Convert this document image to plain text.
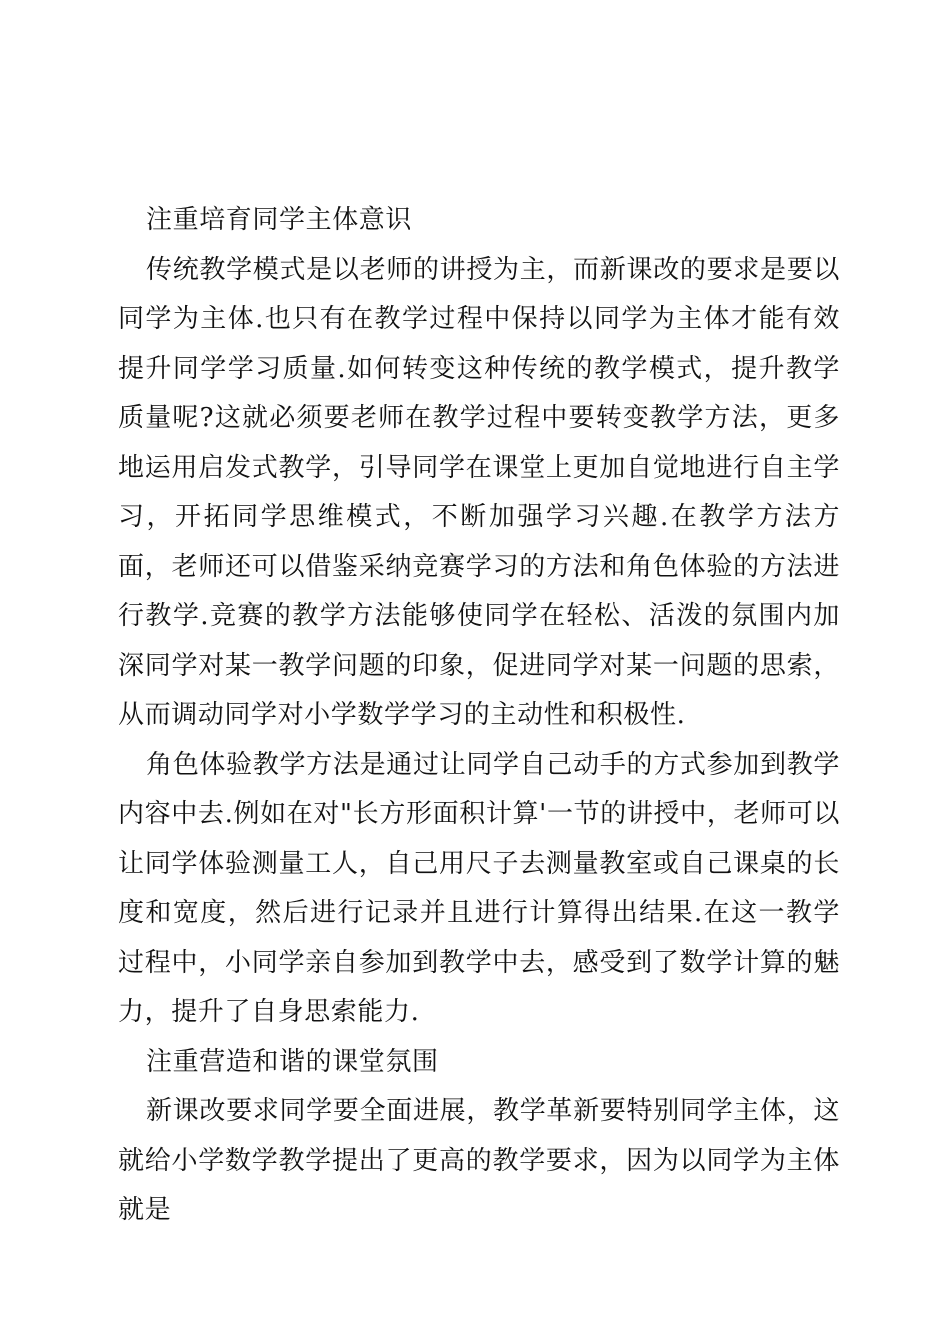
注重培育同学主体意识

传统教学模式是以老师的讲授为主，而新课改的要求是要以同学为主体.也只有在教学过程中保持以同学为主体才能有效提升同学学习质量.如何转变这种传统的教学模式，提升教学质量呢?这就必须要老师在教学过程中要转变教学方法，更多地运用启发式教学，引导同学在课堂上更加自觉地进行自主学习，开拓同学思维模式，不断加强学习兴趣.在教学方法方面，老师还可以借鉴采纳竞赛学习的方法和角色体验的方法进行教学.竞赛的教学方法能够使同学在轻松、活泼的氛围内加深同学对某一教学问题的印象，促进同学对某一问题的思索，从而调动同学对小学数学学习的主动性和积极性.

角色体验教学方法是通过让同学自己动手的方式参加到教学内容中去.例如在对"长方形面积计算'一节的讲授中，老师可以让同学体验测量工人，自己用尺子去测量教室或自己课桌的长度和宽度，然后进行记录并且进行计算得出结果.在这一教学过程中，小同学亲自参加到教学中去，感受到了数学计算的魅力，提升了自身思索能力.

注重营造和谐的课堂氛围

新课改要求同学要全面进展，教学革新要特别同学主体，这就给小学数学教学提出了更高的教学要求，因为以同学为主体就是
